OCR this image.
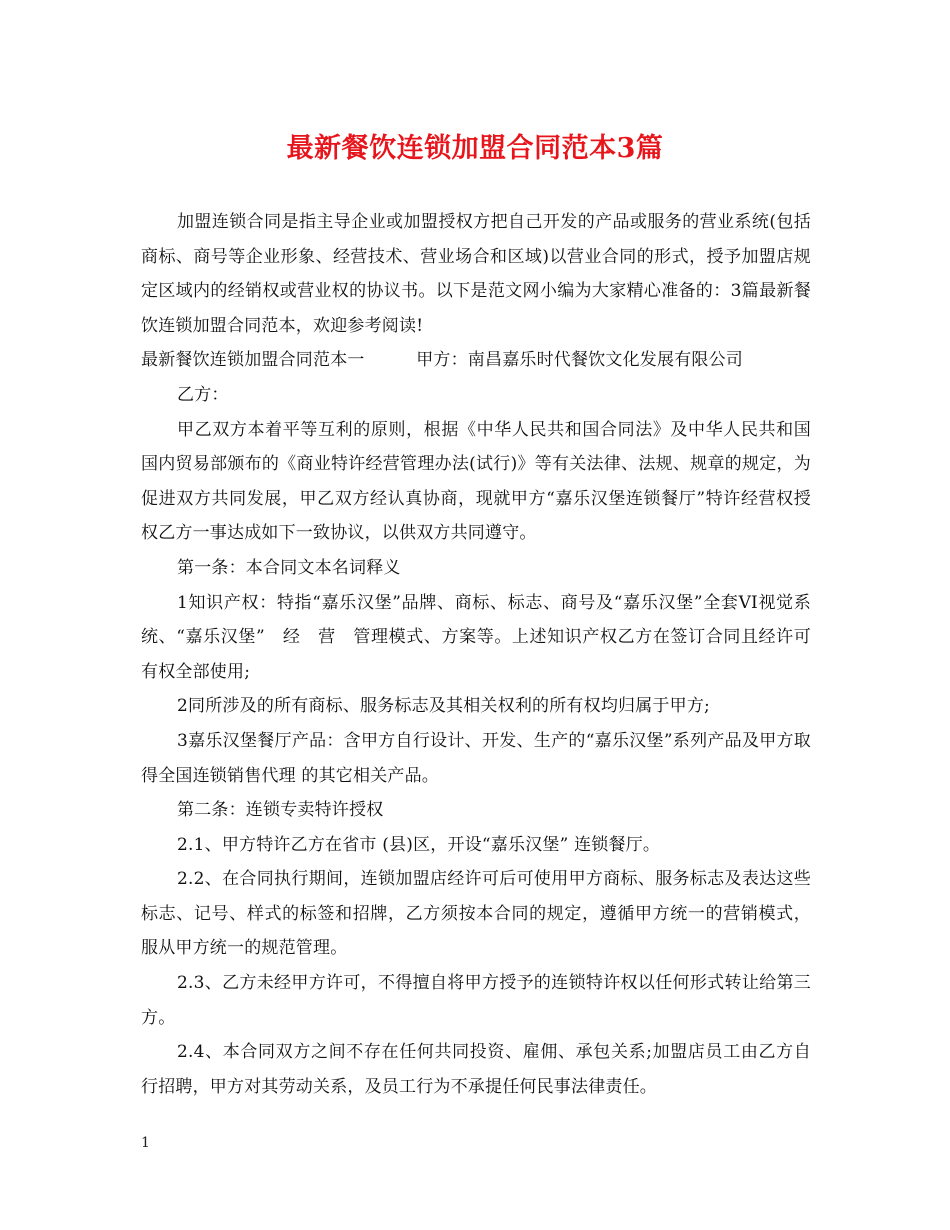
最新餐饮连锁加盟合同范本3篇

加盟连锁合同是指主导企业或加盟授权方把自己开发的产品或服务的营业系统(包括商标、商号等企业形象、经营技术、营业场合和区域)以营业合同的形式，授予加盟店规定区域内的经销权或营业权的协议书。以下是范文网小编为大家精心准备的：3篇最新餐饮连锁加盟合同范本，欢迎参考阅读!

最新餐饮连锁加盟合同范本一　　　甲方：南昌嘉乐时代餐饮文化发展有限公司

乙方：

甲乙双方本着平等互利的原则，根据《中华人民共和国合同法》及中华人民共和国国内贸易部颁布的《商业特许经营管理办法(试行)》等有关法律、法规、规章的规定，为促进双方共同发展，甲乙双方经认真协商，现就甲方“嘉乐汉堡连锁餐厅”特许经营权授权乙方一事达成如下一致协议，以供双方共同遵守。

第一条：本合同文本名词释义

1知识产权：特指“嘉乐汉堡”品牌、商标、标志、商号及“嘉乐汉堡”全套VI视觉系统、“嘉乐汉堡”　经　营　管理模式、方案等。上述知识产权乙方在签订合同且经许可有权全部使用;

2同所涉及的所有商标、服务标志及其相关权利的所有权均归属于甲方;

3嘉乐汉堡餐厅产品：含甲方自行设计、开发、生产的“嘉乐汉堡”系列产品及甲方取得全国连锁销售代理 的其它相关产品。

第二条：连锁专卖特许授权

2.1、甲方特许乙方在省市 (县)区，开设“嘉乐汉堡” 连锁餐厅。

2.2、在合同执行期间，连锁加盟店经许可后可使用甲方商标、服务标志及表达这些标志、记号、样式的标签和招牌，乙方须按本合同的规定，遵循甲方统一的营销模式，服从甲方统一的规范管理。

2.3、乙方未经甲方许可，不得擅自将甲方授予的连锁特许权以任何形式转让给第三方。

2.4、本合同双方之间不存在任何共同投资、雇佣、承包关系;加盟店员工由乙方自行招聘，甲方对其劳动关系，及员工行为不承提任何民事法律责任。

1
